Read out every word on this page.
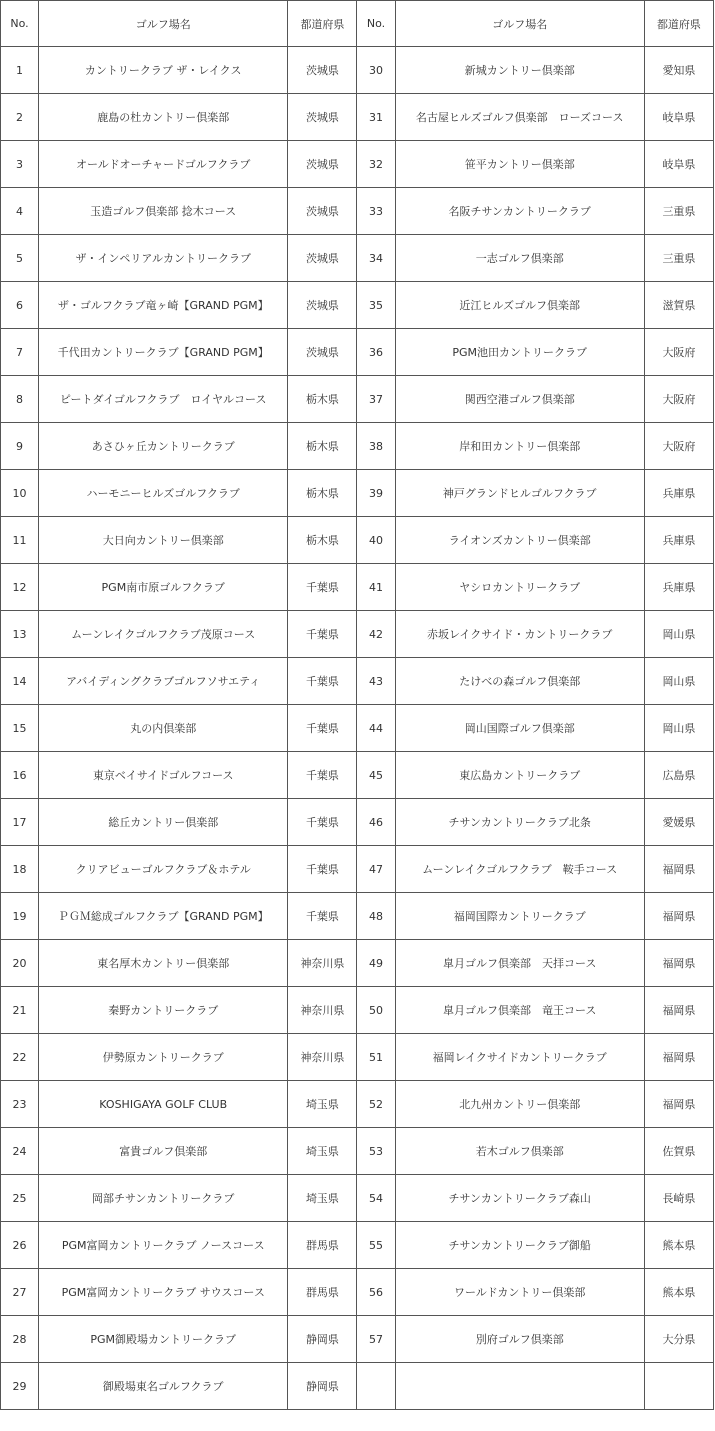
No.	ゴルフ場名	都道府県	No.	ゴルフ場名	都道府県
1	カントリークラブ ザ・レイクス	茨城県	30	新城カントリー倶楽部	愛知県
2	鹿島の杜カントリー倶楽部	茨城県	31	名古屋ヒルズゴルフ倶楽部　ローズコース	岐阜県
3	オールドオーチャードゴルフクラブ	茨城県	32	笹平カントリー倶楽部	岐阜県
4	玉造ゴルフ倶楽部 捻木コース	茨城県	33	名阪チサンカントリークラブ	三重県
5	ザ・インペリアルカントリークラブ	茨城県	34	一志ゴルフ倶楽部	三重県
6	ザ・ゴルフクラブ竜ヶ崎【GRAND PGM】	茨城県	35	近江ヒルズゴルフ倶楽部	滋賀県
7	千代田カントリークラブ【GRAND PGM】	茨城県	36	PGM池田カントリークラブ	大阪府
8	ピートダイゴルフクラブ　ロイヤルコース	栃木県	37	関西空港ゴルフ倶楽部	大阪府
9	あさひヶ丘カントリークラブ	栃木県	38	岸和田カントリー倶楽部	大阪府
10	ハーモニーヒルズゴルフクラブ	栃木県	39	神戸グランドヒルゴルフクラブ	兵庫県
11	大日向カントリー倶楽部	栃木県	40	ライオンズカントリー倶楽部	兵庫県
12	PGM南市原ゴルフクラブ	千葉県	41	ヤシロカントリークラブ	兵庫県
13	ムーンレイクゴルフクラブ茂原コース	千葉県	42	赤坂レイクサイド・カントリークラブ	岡山県
14	アバイディングクラブゴルフソサエティ	千葉県	43	たけべの森ゴルフ倶楽部	岡山県
15	丸の内倶楽部	千葉県	44	岡山国際ゴルフ倶楽部	岡山県
16	東京ベイサイドゴルフコース	千葉県	45	東広島カントリークラブ	広島県
17	総丘カントリー倶楽部	千葉県	46	チサンカントリークラブ北条	愛媛県
18	クリアビューゴルフクラブ＆ホテル	千葉県	47	ムーンレイクゴルフクラブ　鞍手コース	福岡県
19	ＰＧＭ総成ゴルフクラブ【GRAND PGM】	千葉県	48	福岡国際カントリークラブ	福岡県
20	東名厚木カントリー倶楽部	神奈川県	49	皐月ゴルフ倶楽部　天拝コース	福岡県
21	秦野カントリークラブ	神奈川県	50	皐月ゴルフ倶楽部　竜王コース	福岡県
22	伊勢原カントリークラブ	神奈川県	51	福岡レイクサイドカントリークラブ	福岡県
23	KOSHIGAYA GOLF CLUB	埼玉県	52	北九州カントリー倶楽部	福岡県
24	富貴ゴルフ倶楽部	埼玉県	53	若木ゴルフ倶楽部	佐賀県
25	岡部チサンカントリークラブ	埼玉県	54	チサンカントリークラブ森山	長崎県
26	PGM富岡カントリークラブ ノースコース	群馬県	55	チサンカントリークラブ御船	熊本県
27	PGM富岡カントリークラブ サウスコース	群馬県	56	ワールドカントリー倶楽部	熊本県
28	PGM御殿場カントリークラブ	静岡県	57	別府ゴルフ倶楽部	大分県
29	御殿場東名ゴルフクラブ	静岡県			
